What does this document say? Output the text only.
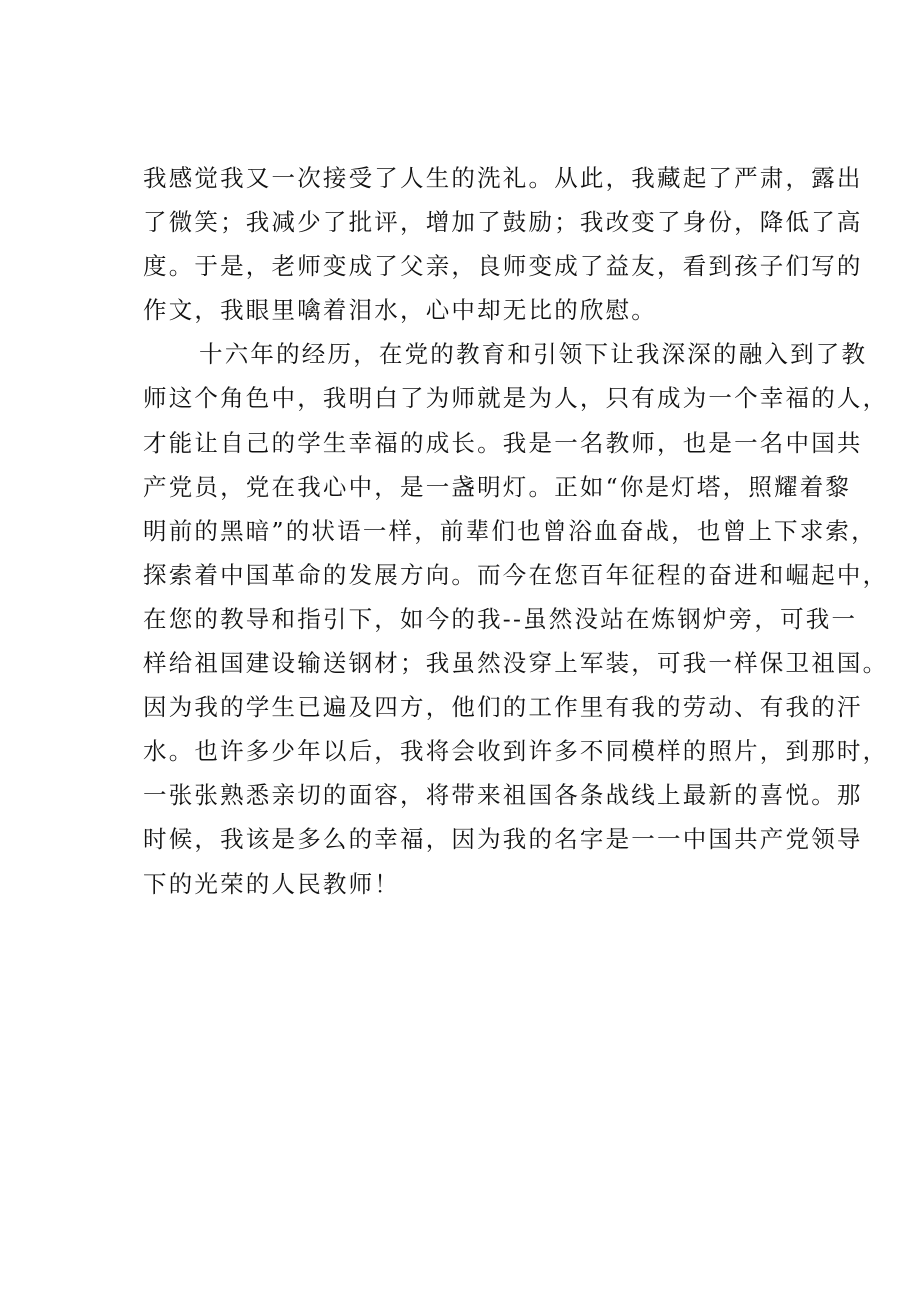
我感觉我又一次接受了人生的洗礼。从此，我藏起了严肃，露出
了微笑；我减少了批评，增加了鼓励；我改变了身份，降低了高
度。于是，老师变成了父亲，良师变成了益友，看到孩子们写的
作文，我眼里噙着泪水，心中却无比的欣慰。
十六年的经历，在党的教育和引领下让我深深的融入到了教
师这个角色中，我明白了为师就是为人，只有成为一个幸福的人，
才能让自己的学生幸福的成长。我是一名教师，也是一名中国共
产党员，党在我心中，是一盏明灯。正如“你是灯塔，照耀着黎
明前的黑暗”的状语一样，前辈们也曾浴血奋战，也曾上下求索，
探索着中国革命的发展方向。而今在您百年征程的奋进和崛起中，
在您的教导和指引下，如今的我--虽然没站在炼钢炉旁，可我一
样给祖国建设输送钢材；我虽然没穿上军装，可我一样保卫祖国。
因为我的学生已遍及四方，他们的工作里有我的劳动、有我的汗
水。也许多少年以后，我将会收到许多不同模样的照片，到那时，
一张张熟悉亲切的面容，将带来祖国各条战线上最新的喜悦。那
时候，我该是多么的幸福，因为我的名字是一一中国共产党领导
下的光荣的人民教师！
